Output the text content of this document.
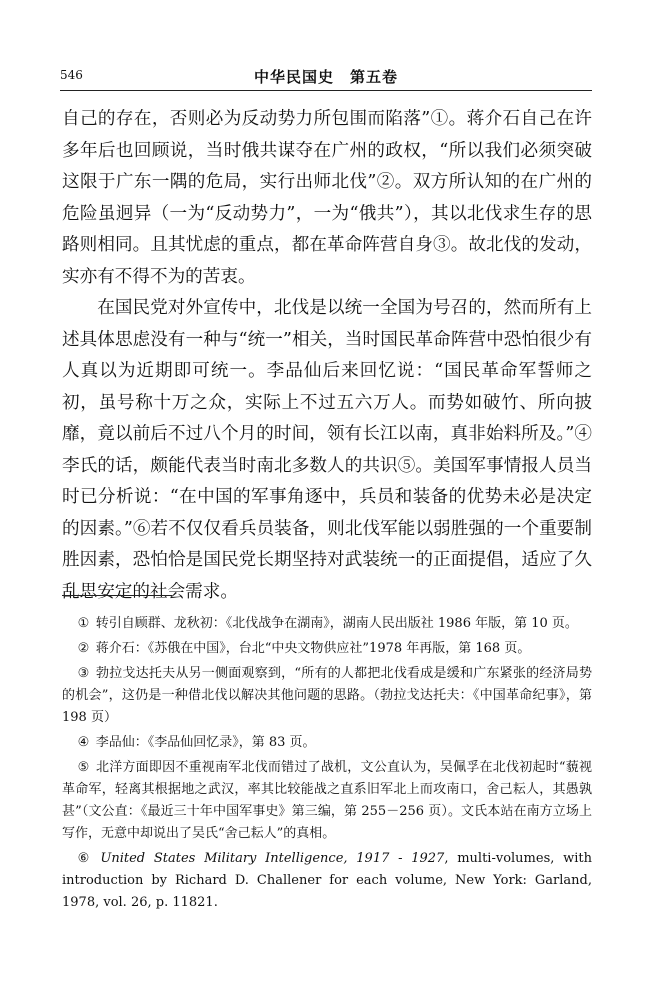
546	中华民国史　第五卷

自己的存在，否则必为反动势力所包围而陷落”①。蒋介石自己在许多年后也回顾说，当时俄共谋夺在广州的政权，“所以我们必须突破这限于广东一隅的危局，实行出师北伐”②。双方所认知的在广州的危险虽迥异（一为“反动势力”，一为“俄共”），其以北伐求生存的思路则相同。且其忧虑的重点，都在革命阵营自身③。故北伐的发动，实亦有不得不为的苦衷。

在国民党对外宣传中，北伐是以统一全国为号召的，然而所有上述具体思虑没有一种与“统一”相关，当时国民革命阵营中恐怕很少有人真以为近期即可统一。李品仙后来回忆说：“国民革命军誓师之初，虽号称十万之众，实际上不过五六万人。而势如破竹、所向披靡，竟以前后不过八个月的时间，领有长江以南，真非始料所及。”④李氏的话，颇能代表当时南北多数人的共识⑤。美国军事情报人员当时已分析说：“在中国的军事角逐中，兵员和装备的优势未必是决定的因素。”⑥若不仅仅看兵员装备，则北伐军能以弱胜强的一个重要制胜因素，恐怕恰是国民党长期坚持对武装统一的正面提倡，适应了久乱思安定的社会需求。

① 转引自顾群、龙秋初：《北伐战争在湖南》，湖南人民出版社 1986 年版，第 10 页。

② 蒋介石：《苏俄在中国》，台北“中央文物供应社”1978 年再版，第 168 页。

③ 勃拉戈达托夫从另一侧面观察到，“所有的人都把北伐看成是缓和广东紧张的经济局势的机会”，这仍是一种借北伐以解决其他问题的思路。（勃拉戈达托夫：《中国革命纪事》，第 198 页）

④ 李品仙：《李品仙回忆录》，第 83 页。

⑤ 北洋方面即因不重视南军北伐而错过了战机，文公直认为，吴佩孚在北伐初起时“藐视革命军，轻离其根据地之武汉，率其比较能战之直系旧军北上而攻南口，舍己耘人，其愚孰甚”（文公直：《最近三十年中国军事史》第三编，第 255－256 页）。文氏本站在南方立场上写作，无意中却说出了吴氏“舍己耘人”的真相。

⑥ United States Military Intelligence, 1917 - 1927, multi-volumes, with introduction by Richard D. Challener for each volume, New York: Garland, 1978, vol. 26, p. 11821.
